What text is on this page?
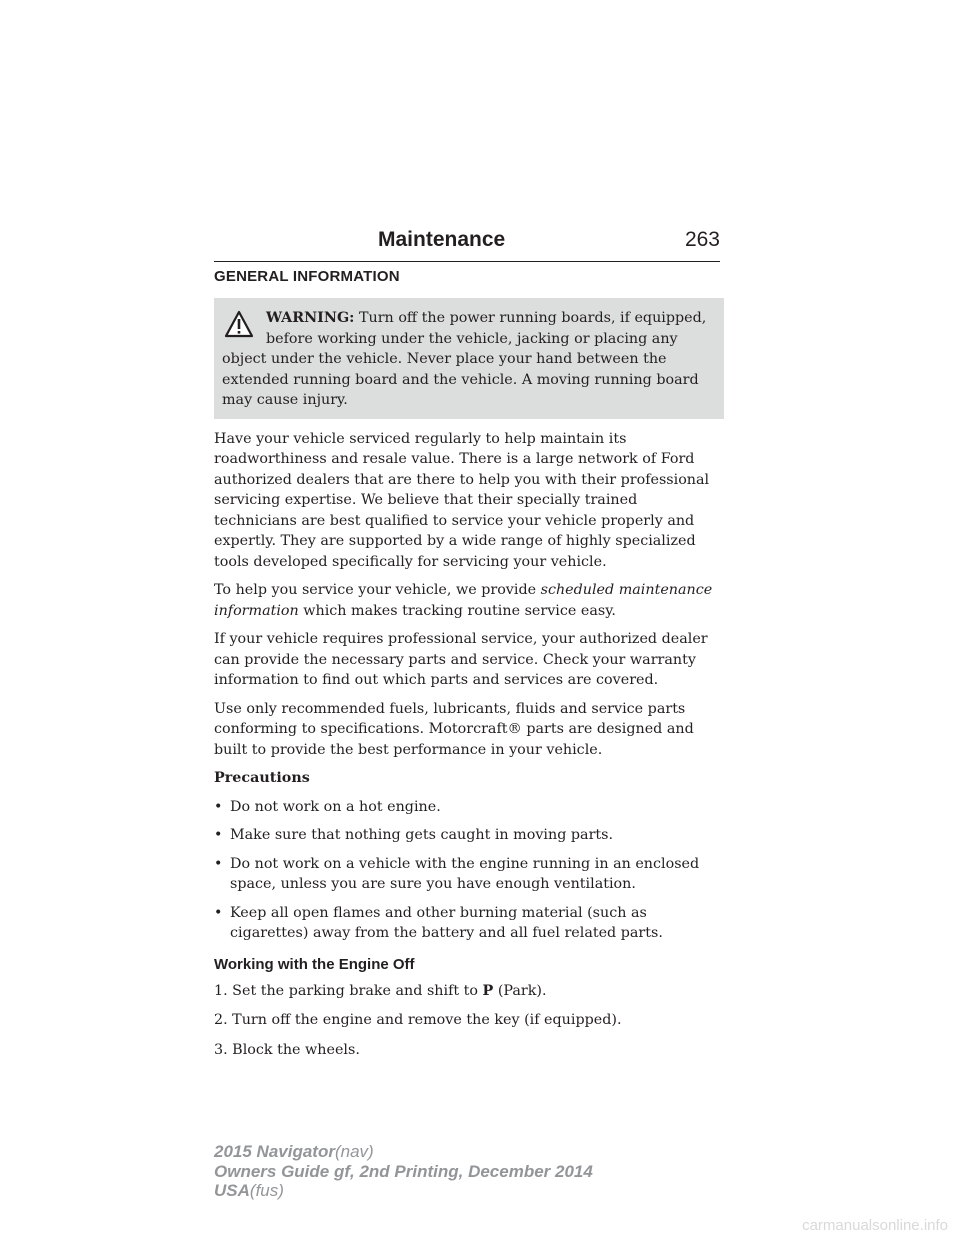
Maintenance	263
GENERAL INFORMATION
WARNING: Turn off the power running boards, if equipped, before working under the vehicle, jacking or placing any object under the vehicle. Never place your hand between the extended running board and the vehicle. A moving running board may cause injury.

Have your vehicle serviced regularly to help maintain its roadworthiness and resale value. There is a large network of Ford authorized dealers that are there to help you with their professional servicing expertise. We believe that their specially trained technicians are best qualified to service your vehicle properly and expertly. They are supported by a wide range of highly specialized tools developed specifically for servicing your vehicle.

To help you service your vehicle, we provide scheduled maintenance information which makes tracking routine service easy.

If your vehicle requires professional service, your authorized dealer can provide the necessary parts and service. Check your warranty information to find out which parts and services are covered.

Use only recommended fuels, lubricants, fluids and service parts conforming to specifications. Motorcraft® parts are designed and built to provide the best performance in your vehicle.

Precautions
• Do not work on a hot engine.
• Make sure that nothing gets caught in moving parts.
• Do not work on a vehicle with the engine running in an enclosed space, unless you are sure you have enough ventilation.
• Keep all open flames and other burning material (such as cigarettes) away from the battery and all fuel related parts.
Working with the Engine Off
1. Set the parking brake and shift to P (Park).
2. Turn off the engine and remove the key (if equipped).
3. Block the wheels.
2015 Navigator(nav)
Owners Guide gf, 2nd Printing, December 2014
USA(fus)
carmanualsonline.info
